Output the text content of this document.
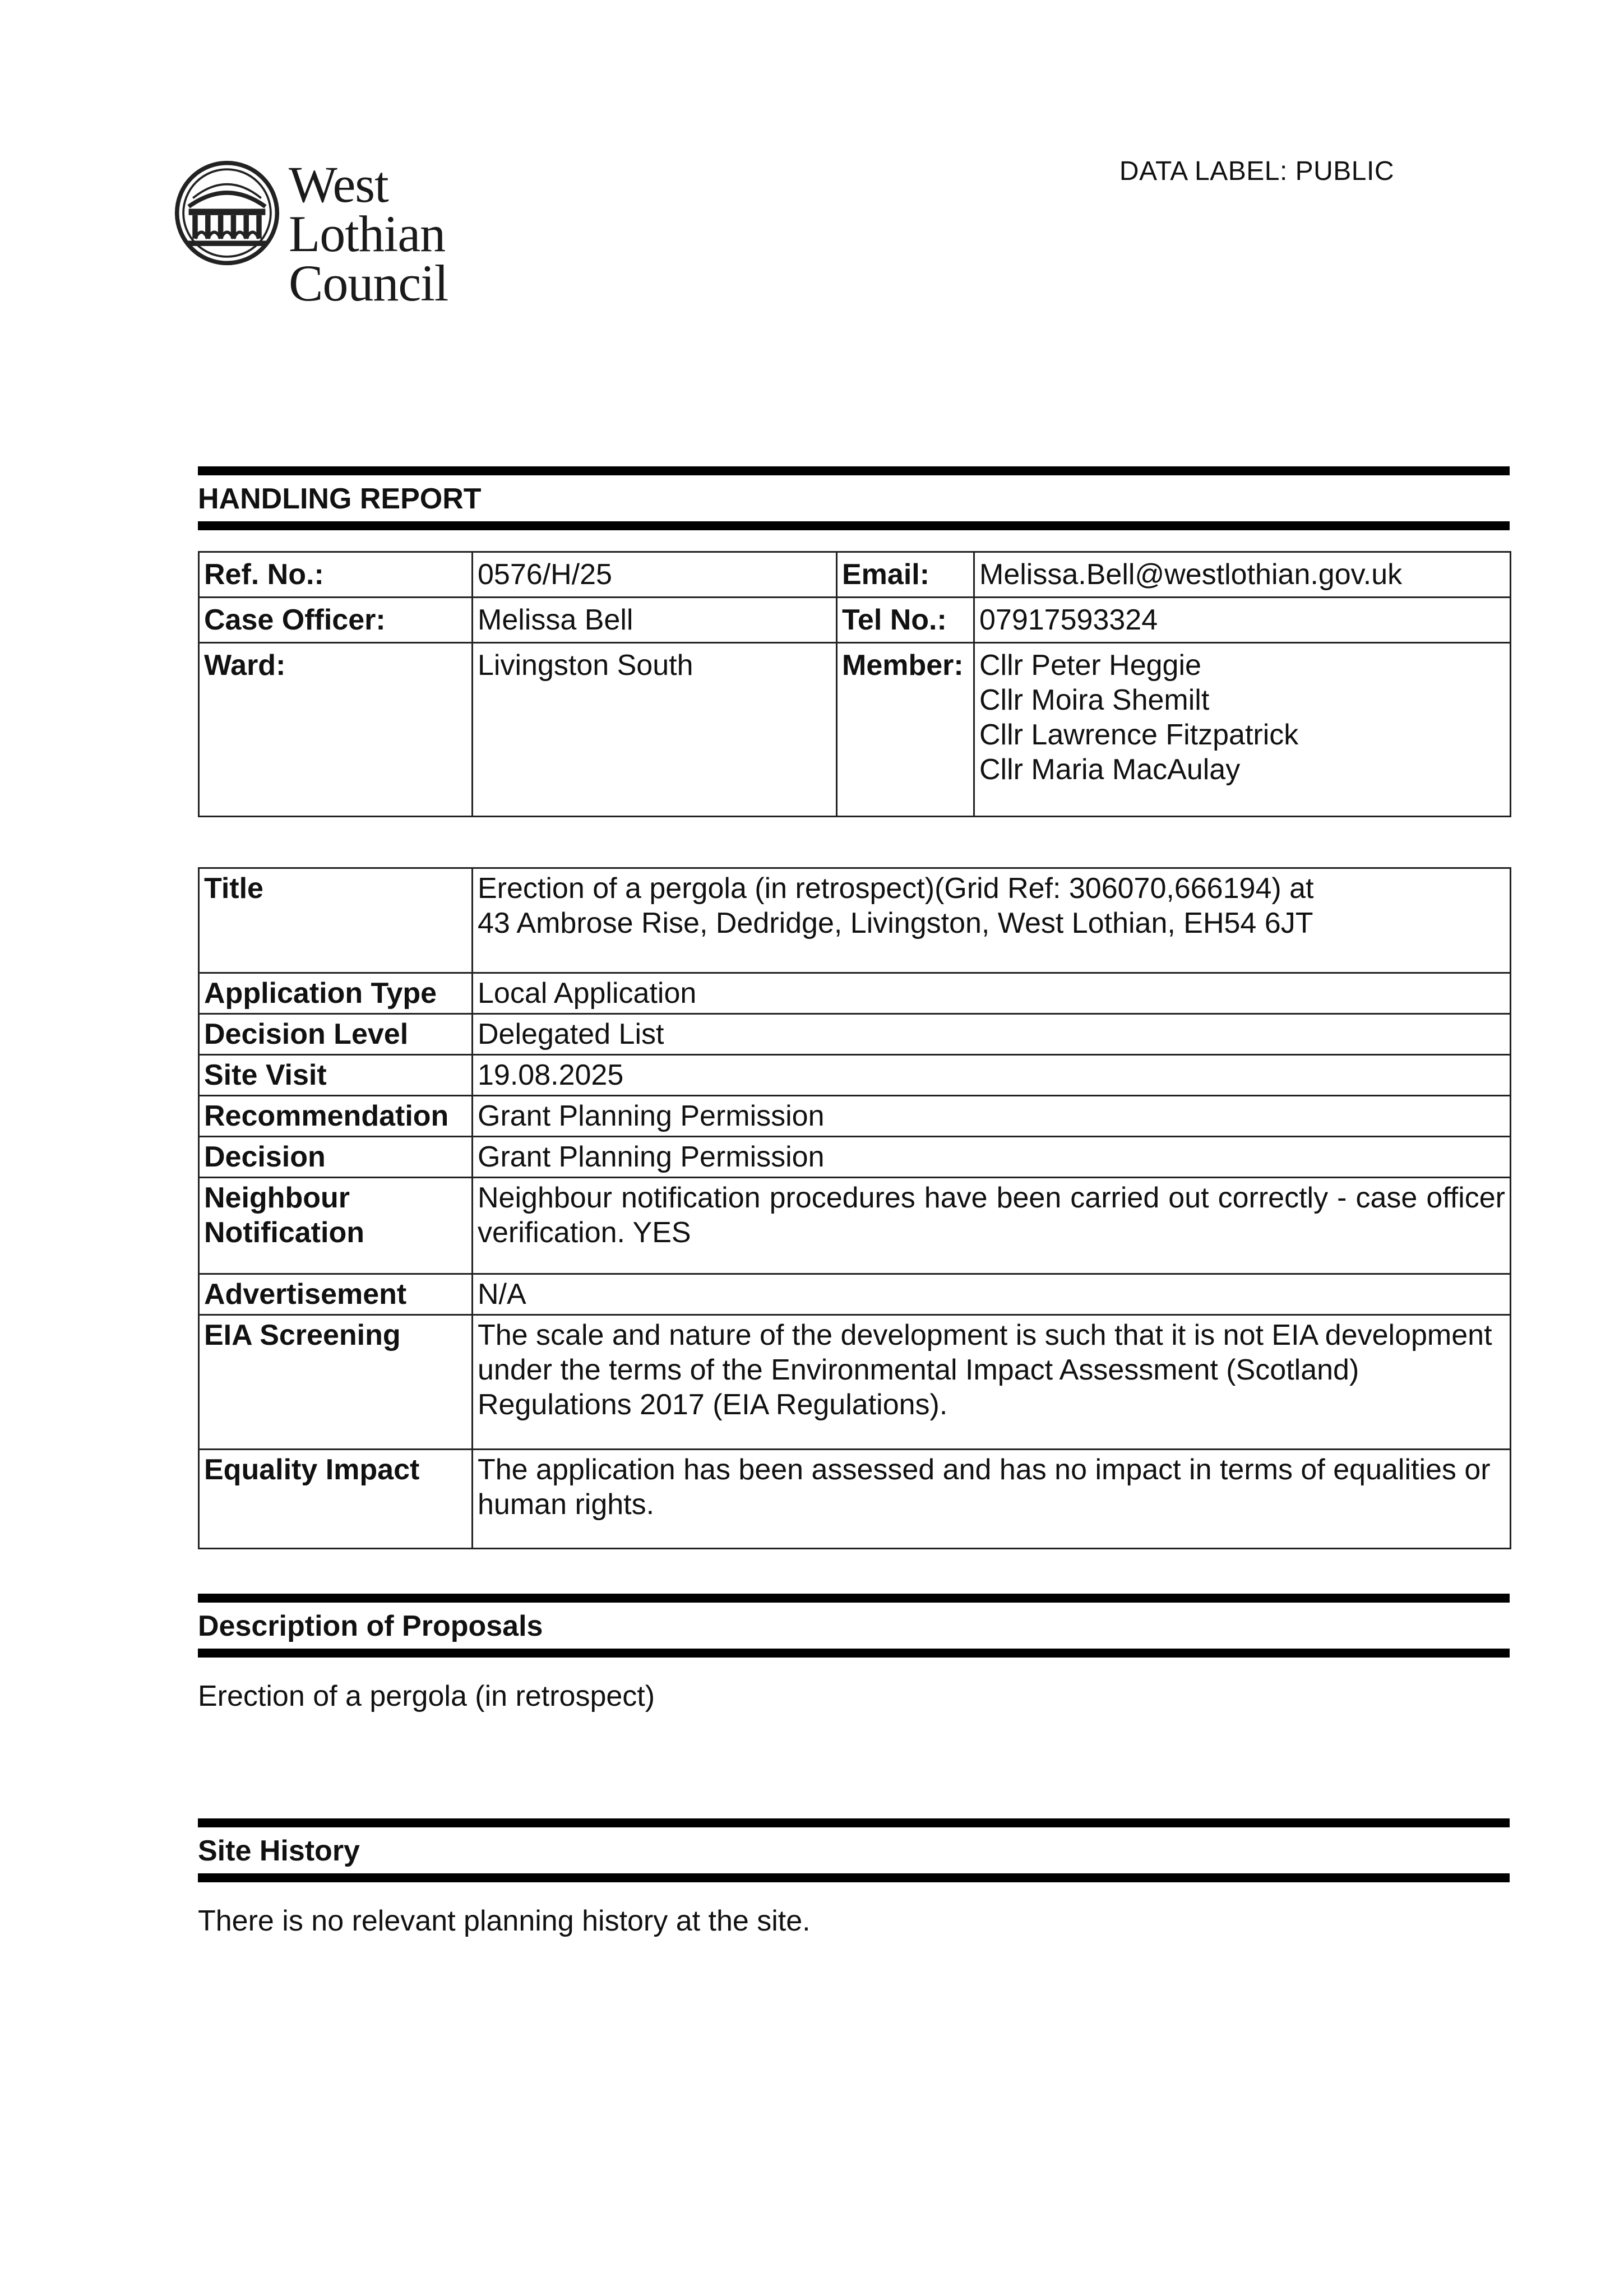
West Lothian
Council
DATA LABEL: PUBLIC
HANDLING REPORT
Ref. No.:	0576/H/25	Email:	Melissa.Bell@westlothian.gov.uk
Case Officer:	Melissa Bell	Tel No.:	07917593324
Ward:	Livingston South	Member:	Cllr Peter Heggie
Cllr Moira Shemilt
Cllr Lawrence Fitzpatrick
Cllr Maria MacAulay
Title	Erection of a pergola (in retrospect)(Grid Ref: 306070,666194) at
43 Ambrose Rise, Dedridge, Livingston, West Lothian, EH54 6JT

Application Type	Local Application
Decision Level	Delegated List
Site Visit	19.08.2025
Recommendation	Grant Planning Permission
Decision	Grant Planning Permission
Neighbour Notification	Neighbour notification procedures have been carried out correctly - case officer verification. YES
Advertisement	N/A
EIA Screening	The scale and nature of the development is such that it is not EIA development under the terms of the Environmental Impact Assessment (Scotland) Regulations 2017 (EIA Regulations).
Equality Impact	The application has been assessed and has no impact in terms of equalities or human rights.
Description of Proposals
Erection of a pergola (in retrospect)
Site History
There is no relevant planning history at the site.
